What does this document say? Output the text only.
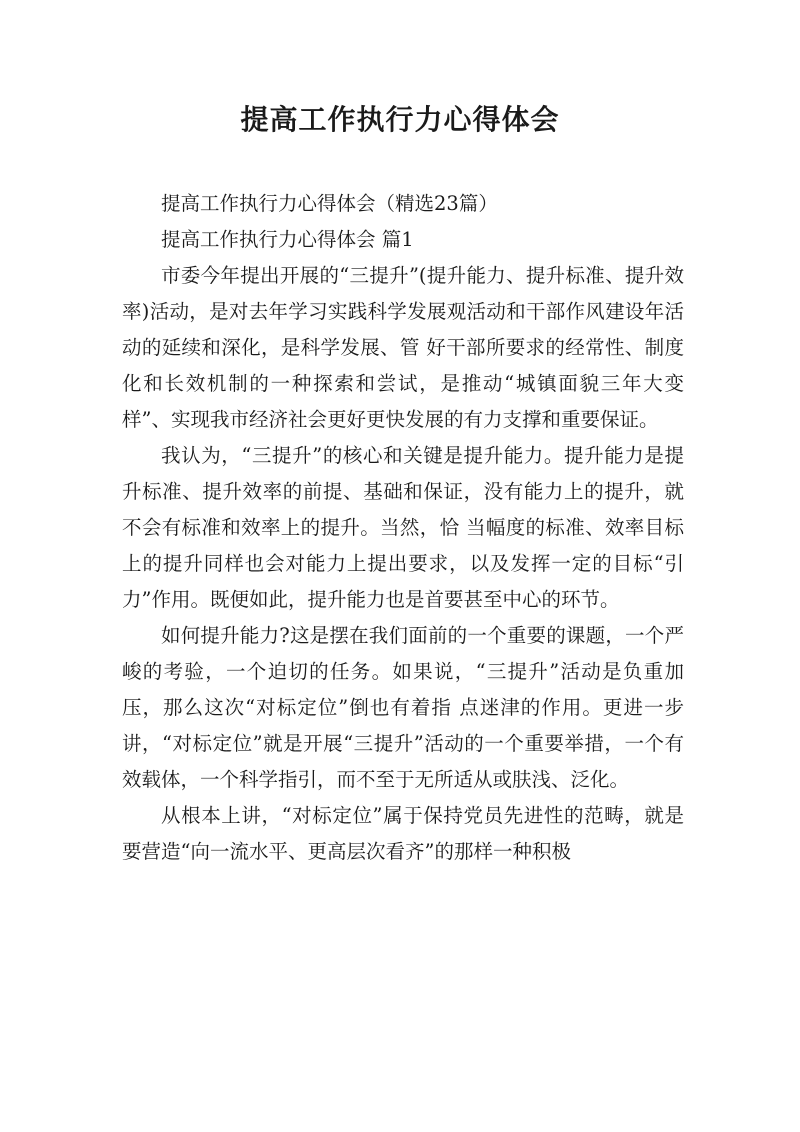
提高工作执行力心得体会

提高工作执行力心得体会（精选23篇）

提高工作执行力心得体会 篇1

市委今年提出开展的“三提升”(提升能力、提升标准、提升效率)活动，是对去年学习实践科学发展观活动和干部作风建设年活动的延续和深化，是科学发展、管 好干部所要求的经常性、制度化和长效机制的一种探索和尝试，是推动“城镇面貌三年大变样”、实现我市经济社会更好更快发展的有力支撑和重要保证。

我认为，“三提升”的核心和关键是提升能力。提升能力是提升标准、提升效率的前提、基础和保证，没有能力上的提升，就不会有标准和效率上的提升。当然，恰 当幅度的标准、效率目标上的提升同样也会对能力上提出要求，以及发挥一定的目标“引力”作用。既便如此，提升能力也是首要甚至中心的环节。

如何提升能力?这是摆在我们面前的一个重要的课题，一个严峻的考验，一个迫切的任务。如果说，“三提升”活动是负重加压，那么这次“对标定位”倒也有着指 点迷津的作用。更进一步讲，“对标定位”就是开展“三提升”活动的一个重要举措，一个有效载体，一个科学指引，而不至于无所适从或肤浅、泛化。

从根本上讲，“对标定位”属于保持党员先进性的范畴，就是要营造“向一流水平、更高层次看齐”的那样一种积极
